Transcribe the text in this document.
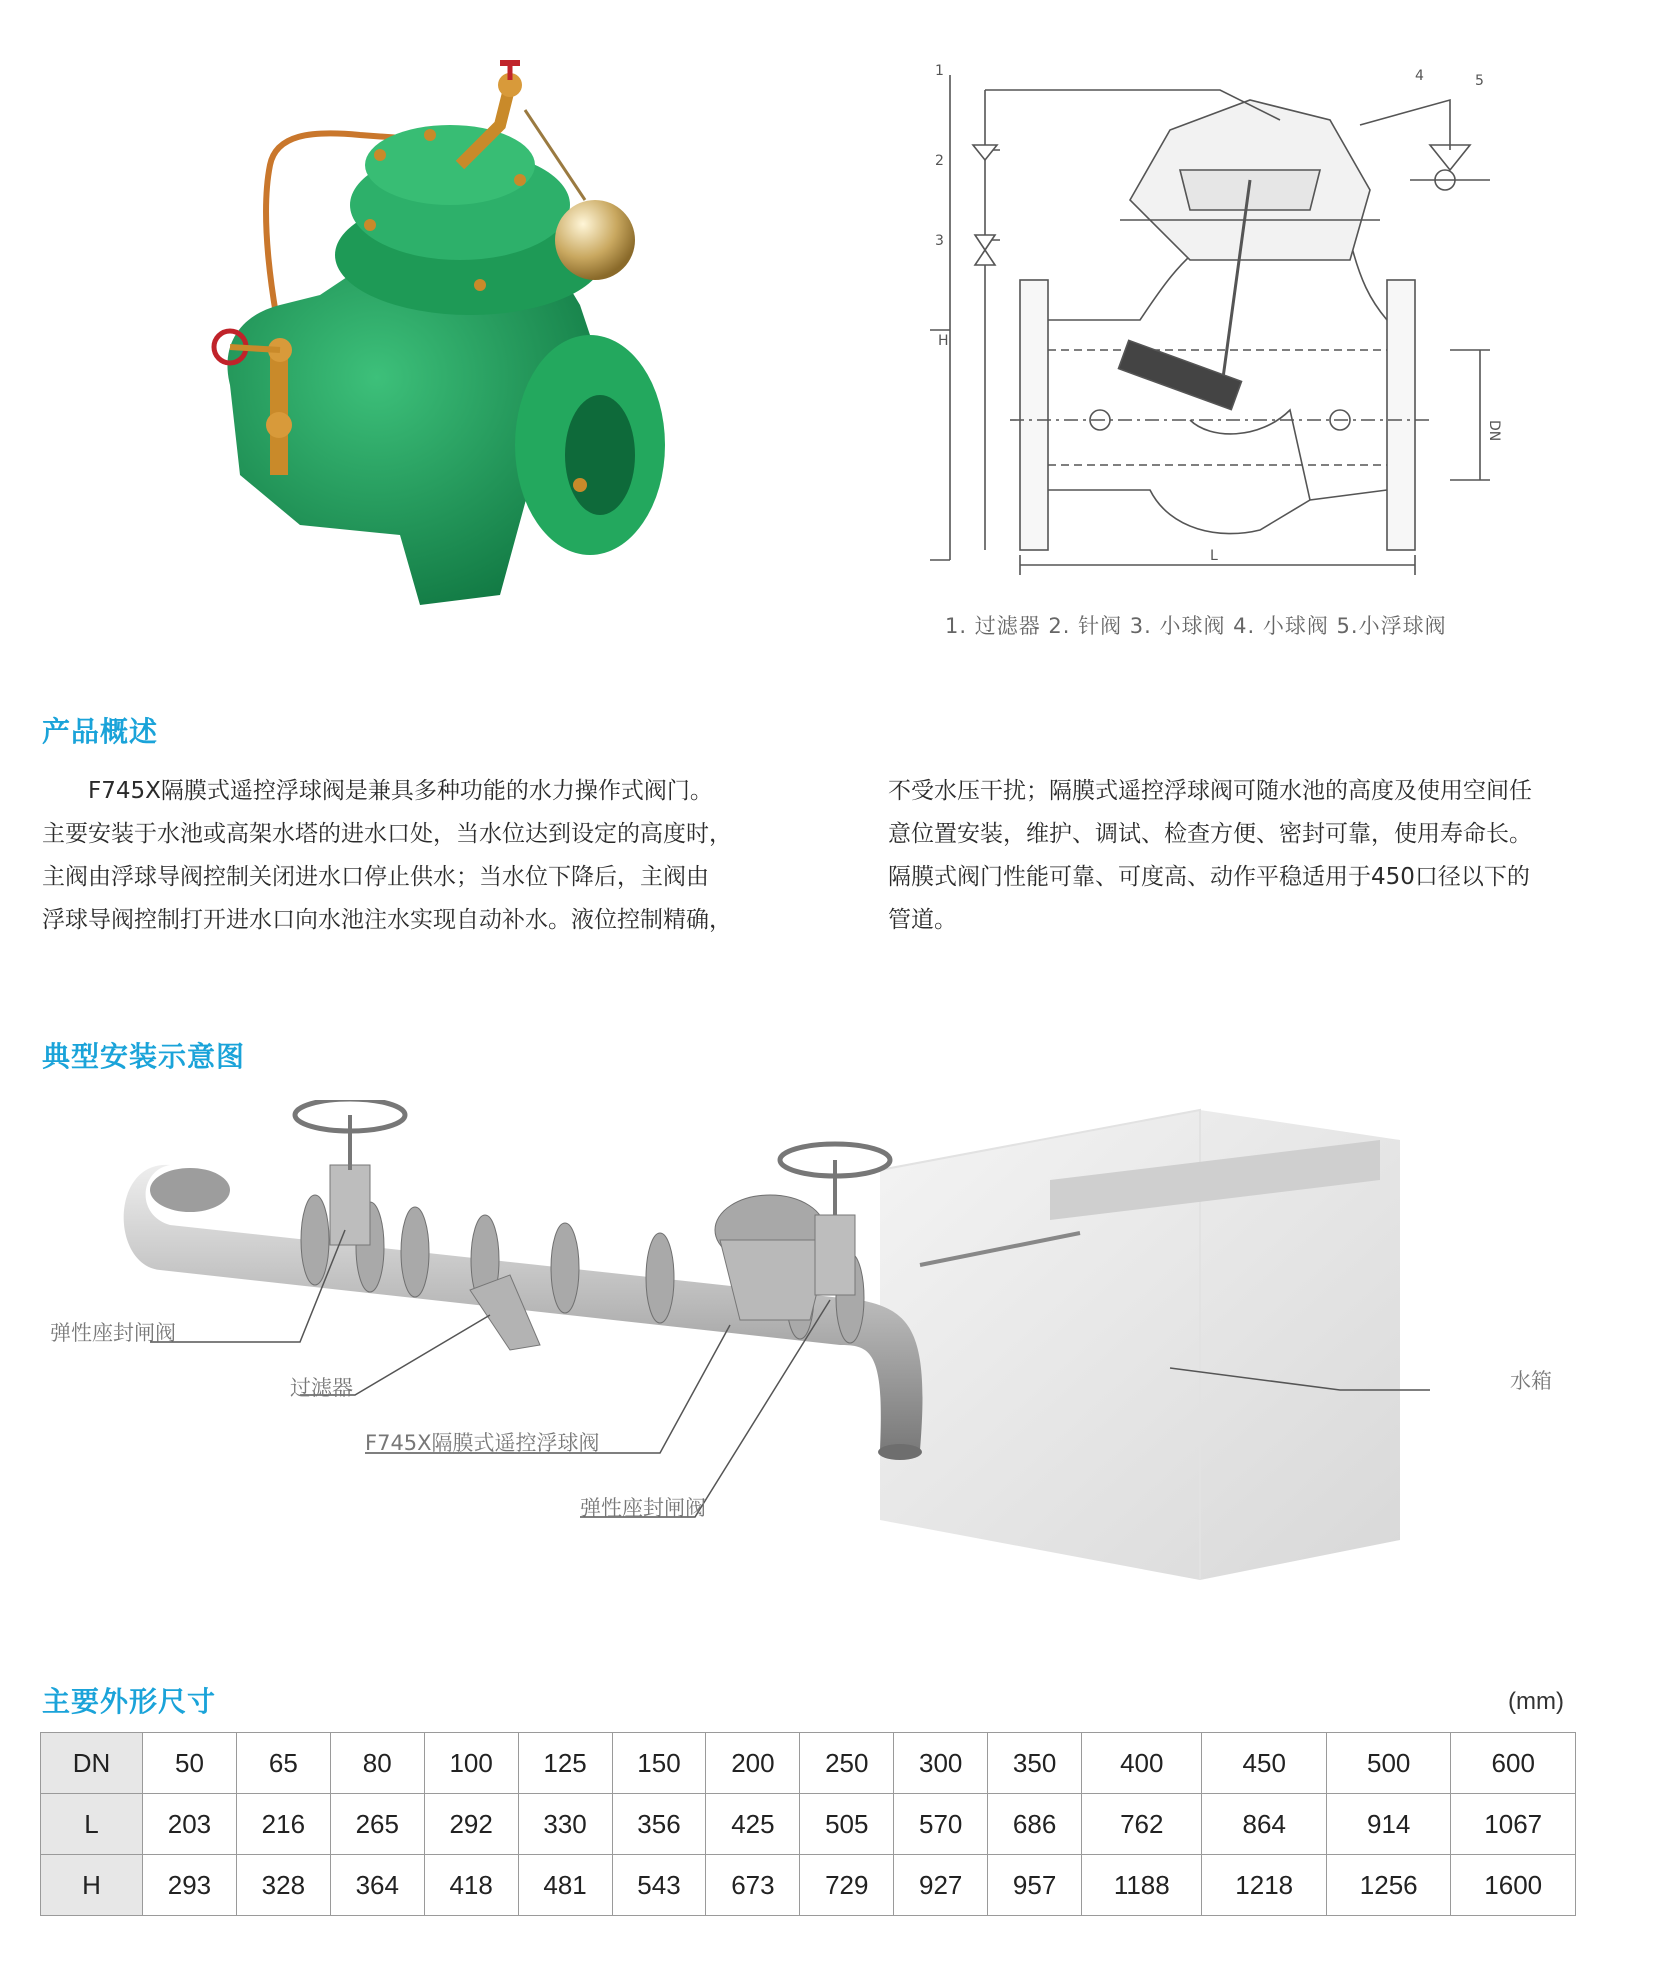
1
2
3
4	5
H
DN
L
1. 过滤器 2. 针阀 3. 小球阀 4. 小球阀 5.小浮球阀
产品概述

　　F745X隔膜式遥控浮球阀是兼具多种功能的水力操作式阀门。

主要安装于水池或高架水塔的进水口处，当水位达到设定的高度时，

主阀由浮球导阀控制关闭进水口停止供水；当水位下降后，主阀由

浮球导阀控制打开进水口向水池注水实现自动补水。液位控制精确，

不受水压干扰；隔膜式遥控浮球阀可随水池的高度及使用空间任

意位置安装，维护、调试、检查方便、密封可靠，使用寿命长。

隔膜式阀门性能可靠、可度高、动作平稳适用于450口径以下的

管道。

典型安装示意图
弹性座封闸阀
过滤器
F745X隔膜式遥控浮球阀
弹性座封闸阀
水箱
主要外形尺寸	(mm)
DN	50	65	80	100	125	150	200	250	300	350	400	450	500	600
L	203	216	265	292	330	356	425	505	570	686	762	864	914	1067
H	293	328	364	418	481	543	673	729	927	957	1188	1218	1256	1600
